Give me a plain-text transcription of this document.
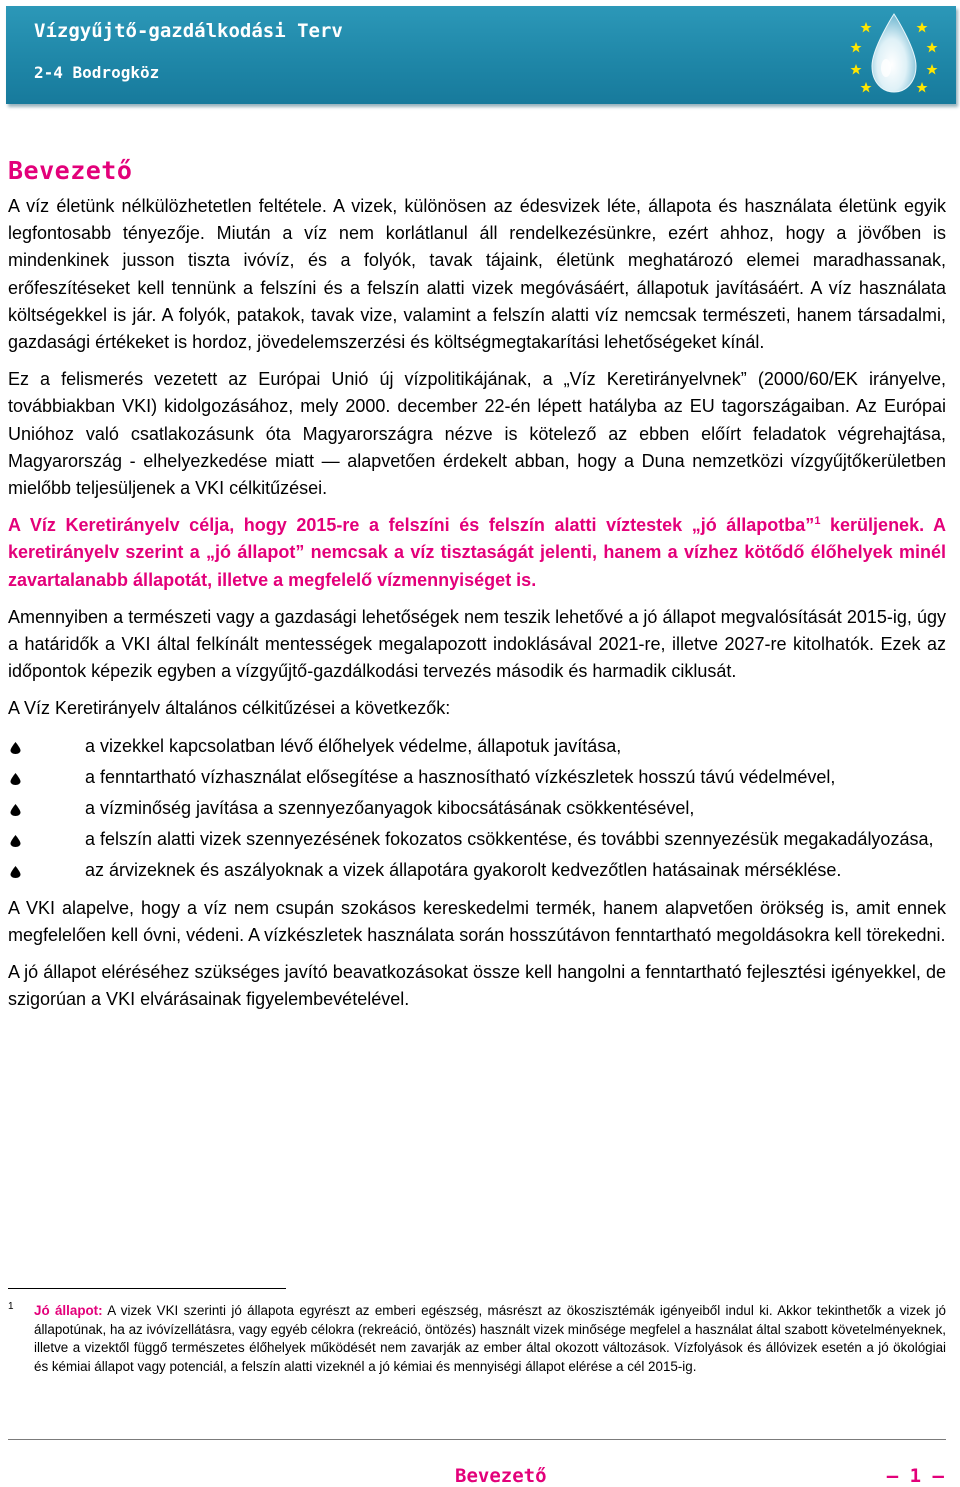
Vízgyűjtő-gazdálkodási Terv
2-4 Bodrogköz
Bevezető

A víz életünk nélkülözhetetlen feltétele. A vizek, különösen az édesvizek léte, állapota és használata életünk egyik legfontosabb tényezője. Miután a víz nem korlátlanul áll rendelkezésünkre, ezért ahhoz, hogy a jövőben is mindenkinek jusson tiszta ivóvíz, és a folyók, tavak tájaink, életünk meghatározó elemei maradhassanak, erőfeszítéseket kell tennünk a felszíni és a felszín alatti vizek megóvásáért, állapotuk javításáért. A víz használata költségekkel is jár. A folyók, patakok, tavak vize, valamint a felszín alatti víz nemcsak természeti, hanem társadalmi, gazdasági értékeket is hordoz, jövedelemszerzési és költségmegtakarítási lehetőségeket kínál.

Ez a felismerés vezetett az Európai Unió új vízpolitikájának, a „Víz Keretirányelvnek” (2000/60/EK irányelve, továbbiakban VKI) kidolgozásához, mely 2000. december 22-én lépett hatályba az EU tagországaiban. Az Európai Unióhoz való csatlakozásunk óta Magyarországra nézve is kötelező az ebben előírt feladatok végrehajtása, Magyarország - elhelyezkedése miatt — alapvetően érdekelt abban, hogy a Duna nemzetközi vízgyűjtőkerületben mielőbb teljesüljenek a VKI célkitűzései.

A Víz Keretirányelv célja, hogy 2015-re a felszíni és felszín alatti víztestek „jó állapotba”$^1$ kerüljenek. A keretirányelv szerint a „jó állapot” nemcsak a víz tisztaságát jelenti, hanem a vízhez kötődő élőhelyek minél zavartalanabb állapotát, illetve a megfelelő vízmennyiséget is.

Amennyiben a természeti vagy a gazdasági lehetőségek nem teszik lehetővé a jó állapot megvalósítását 2015-ig, úgy a határidők a VKI által felkínált mentességek megalapozott indoklásával 2021-re, illetve 2027-re kitolhatók. Ezek az időpontok képezik egyben a vízgyűjtő-gazdálkodási tervezés második és harmadik ciklusát.

A Víz Keretirányelv általános célkitűzései a következők:

a vizekkel kapcsolatban lévő élőhelyek védelme, állapotuk javítása,
a fenntartható vízhasználat elősegítése a hasznosítható vízkészletek hosszú távú védelmével,
a vízminőség javítása a szennyezőanyagok kibocsátásának csökkentésével,
a felszín alatti vizek szennyezésének fokozatos csökkentése, és további szennyezésük megakadályozása,
az árvizeknek és aszályoknak a vizek állapotára gyakorolt kedvezőtlen hatásainak mérséklése.

A VKI alapelve, hogy a víz nem csupán szokásos kereskedelmi termék, hanem alapvetően örökség is, amit ennek megfelelően kell óvni, védeni. A vízkészletek használata során hosszútávon fenntartható megoldásokra kell törekedni.

A jó állapot eléréséhez szükséges javító beavatkozásokat össze kell hangolni a fenntartható fejlesztési igényekkel, de szigorúan a VKI elvárásainak figyelembevételével.

1 Jó állapot: A vizek VKI szerinti jó állapota egyrészt az emberi egészség, másrészt az ökoszisztémák igényeiből indul ki. Akkor tekinthetők a vizek jó állapotúnak, ha az ivóvízellátásra, vagy egyéb célokra (rekreáció, öntözés) használt vizek minősége megfelel a használat által szabott követelményeknek, illetve a vizektől függő természetes élőhelyek működését nem zavarják az ember által okozott változások. Vízfolyások és állóvizek esetén a jó ökológiai és kémiai állapot vagy potenciál, a felszín alatti vizeknél a jó kémiai és mennyiségi állapot elérése a cél 2015-ig.
Bevezető	— 1 —
